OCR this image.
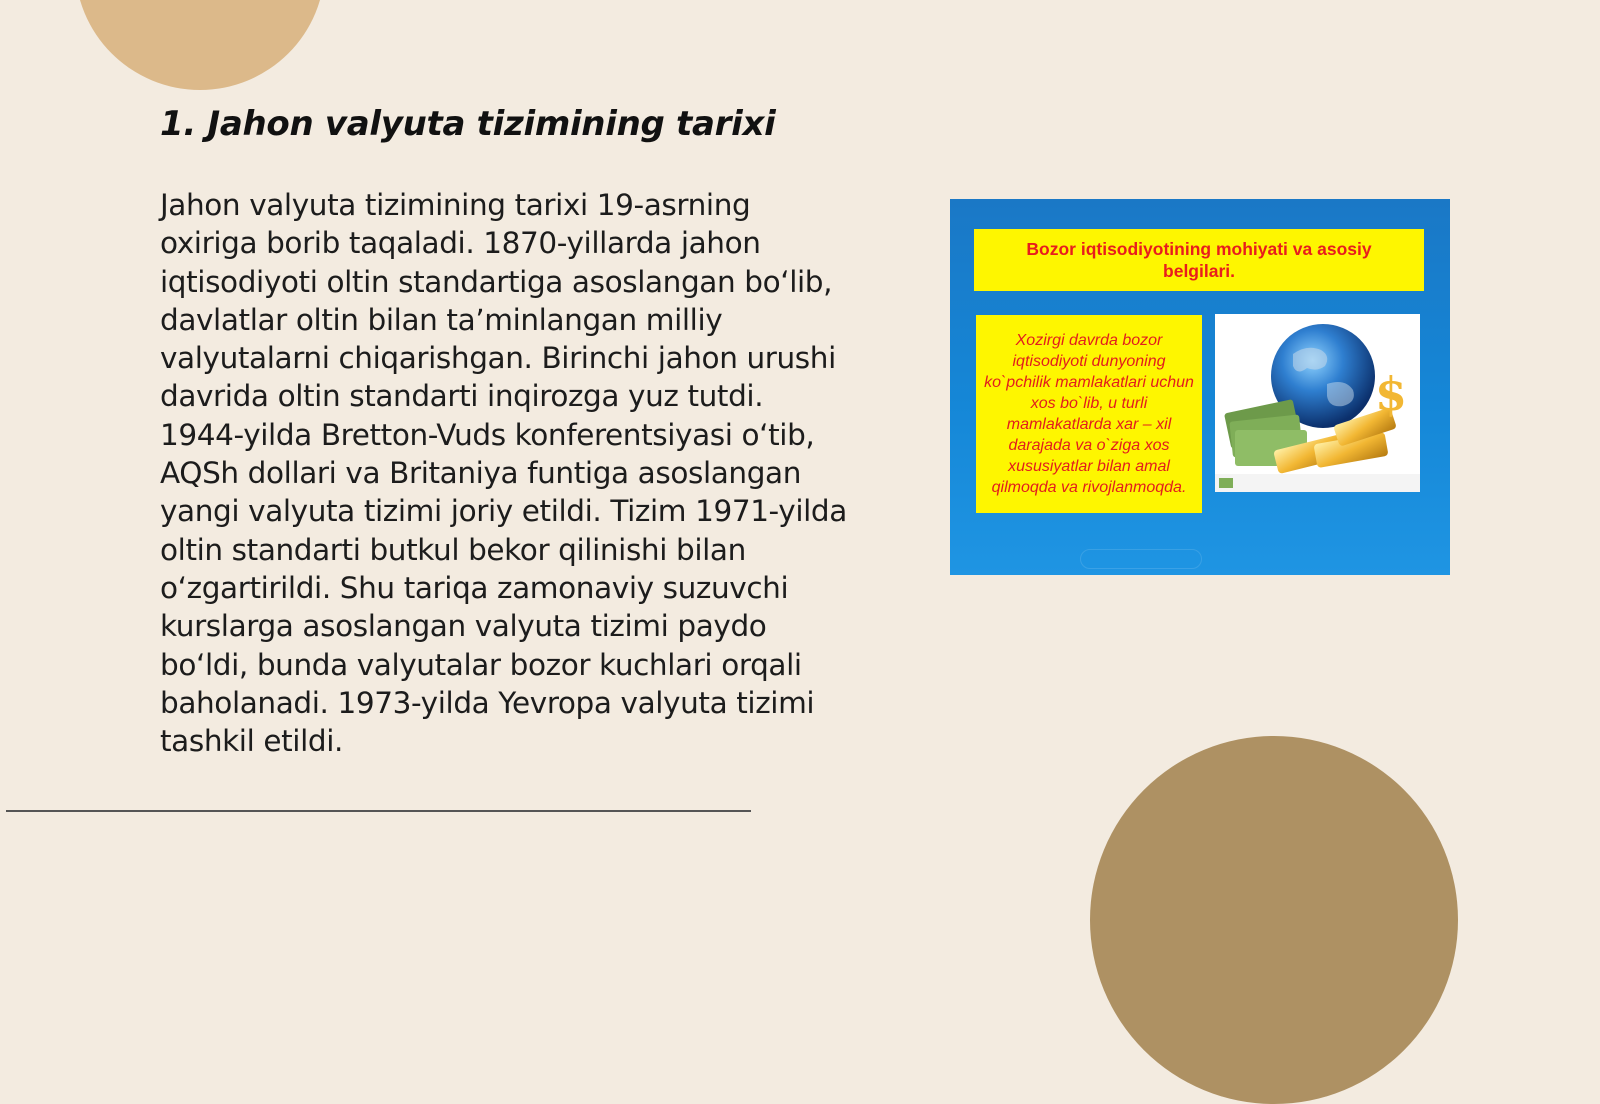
1. Jahon valyuta tizimining tarixi

Jahon valyuta tizimining tarixi 19-asrning oxiriga borib taqaladi. 1870-yillarda jahon iqtisodiyoti oltin standartiga asoslangan bo‘lib, davlatlar oltin bilan ta’minlangan milliy valyutalarni chiqarishgan. Birinchi jahon urushi davrida oltin standarti inqirozga yuz tutdi. 1944-yilda Bretton-Vuds konferentsiyasi o‘tib, AQSh dollari va Britaniya funtiga asoslangan yangi valyuta tizimi joriy etildi. Tizim 1971-yilda oltin standarti butkul bekor qilinishi bilan o‘zgartirildi. Shu tariqa zamonaviy suzuvchi kurslarga asoslangan valyuta tizimi paydo bo‘ldi, bunda valyutalar bozor kuchlari orqali baholanadi. 1973-yilda Yevropa valyuta tizimi tashkil etildi.

Bozor iqtisodiyotining mohiyati va asosiy belgilari.
Xozirgi davrda bozor iqtisodiyoti dunyoning ko`pchilik mamlakatlari uchun xos bo`lib, u turli mamlakatlarda xar – xil darajada va o`ziga xos xususiyatlar bilan amal qilmoqda va rivojlanmoqda.
$
